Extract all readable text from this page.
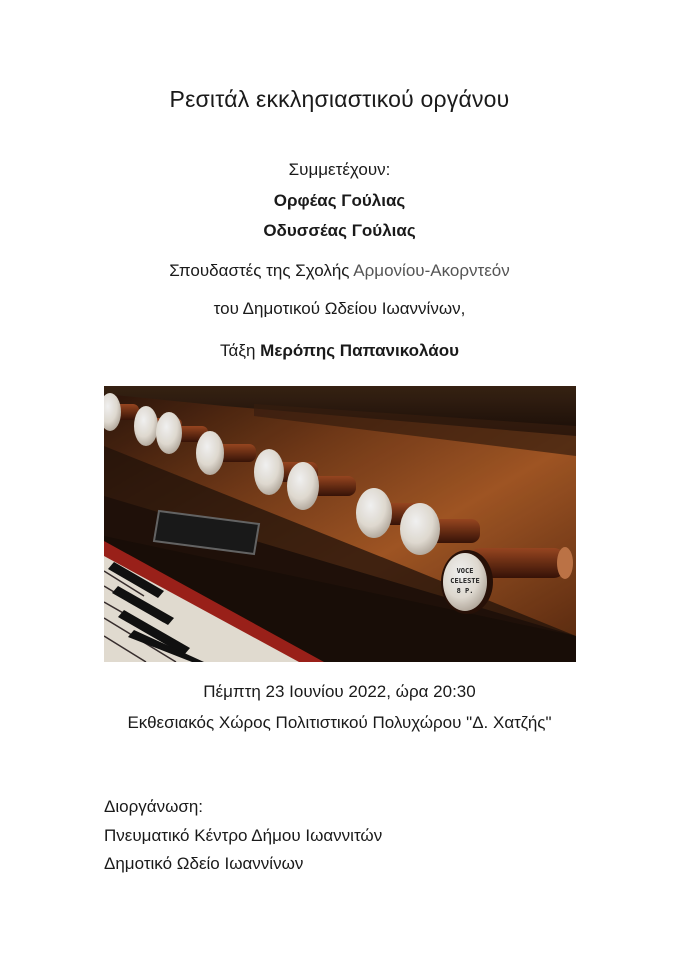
Ρεσιτάλ εκκλησιαστικού οργάνου
Συμμετέχουν:
Ορφέας Γούλιας
Οδυσσέας Γούλιας
Σπουδαστές της Σχολής Αρμονίου-Ακορντεόν
του Δημοτικού Ωδείου Ιωαννίνων,
Τάξη Μερόπης Παπανικολάου
VOCE
CELESTE
8 P.
Πέμπτη 23 Ιουνίου 2022, ώρα 20:30
Εκθεσιακός Χώρος Πολιτιστικού Πολυχώρου "Δ. Χατζής"
Διοργάνωση:
Πνευματικό Κέντρο Δήμου Ιωαννιτών
Δημοτικό Ωδείο Ιωαννίνων
